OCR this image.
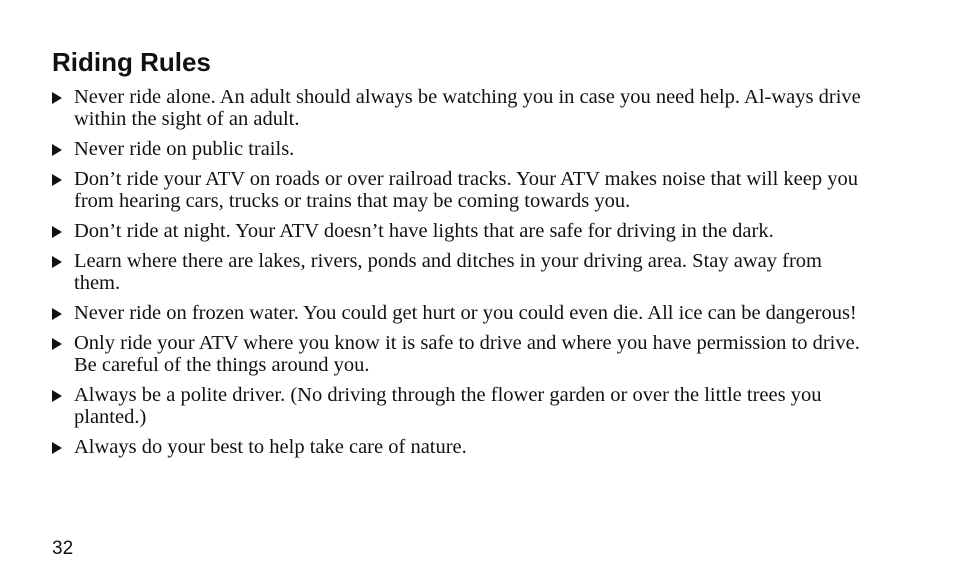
Riding Rules
Never ride alone. An adult should always be watching you in case you need help. Al-ways drive within the sight of an adult.
Never ride on public trails.
Don’t ride your ATV on roads or over railroad tracks. Your ATV makes noise that will keep you from hearing cars, trucks or trains that may be coming towards you.
Don’t ride at night. Your ATV doesn’t have lights that are safe for driving in the dark.
Learn where there are lakes, rivers, ponds and ditches in your driving area. Stay away from them.
Never ride on frozen water. You could get hurt or you could even die. All ice can be dangerous!
Only ride your ATV where you know it is safe to drive and where you have permission to drive. Be careful of the things around you.
Always be a polite driver. (No driving through the flower garden or over the little trees you planted.)
Always do your best to help take care of nature.
32
